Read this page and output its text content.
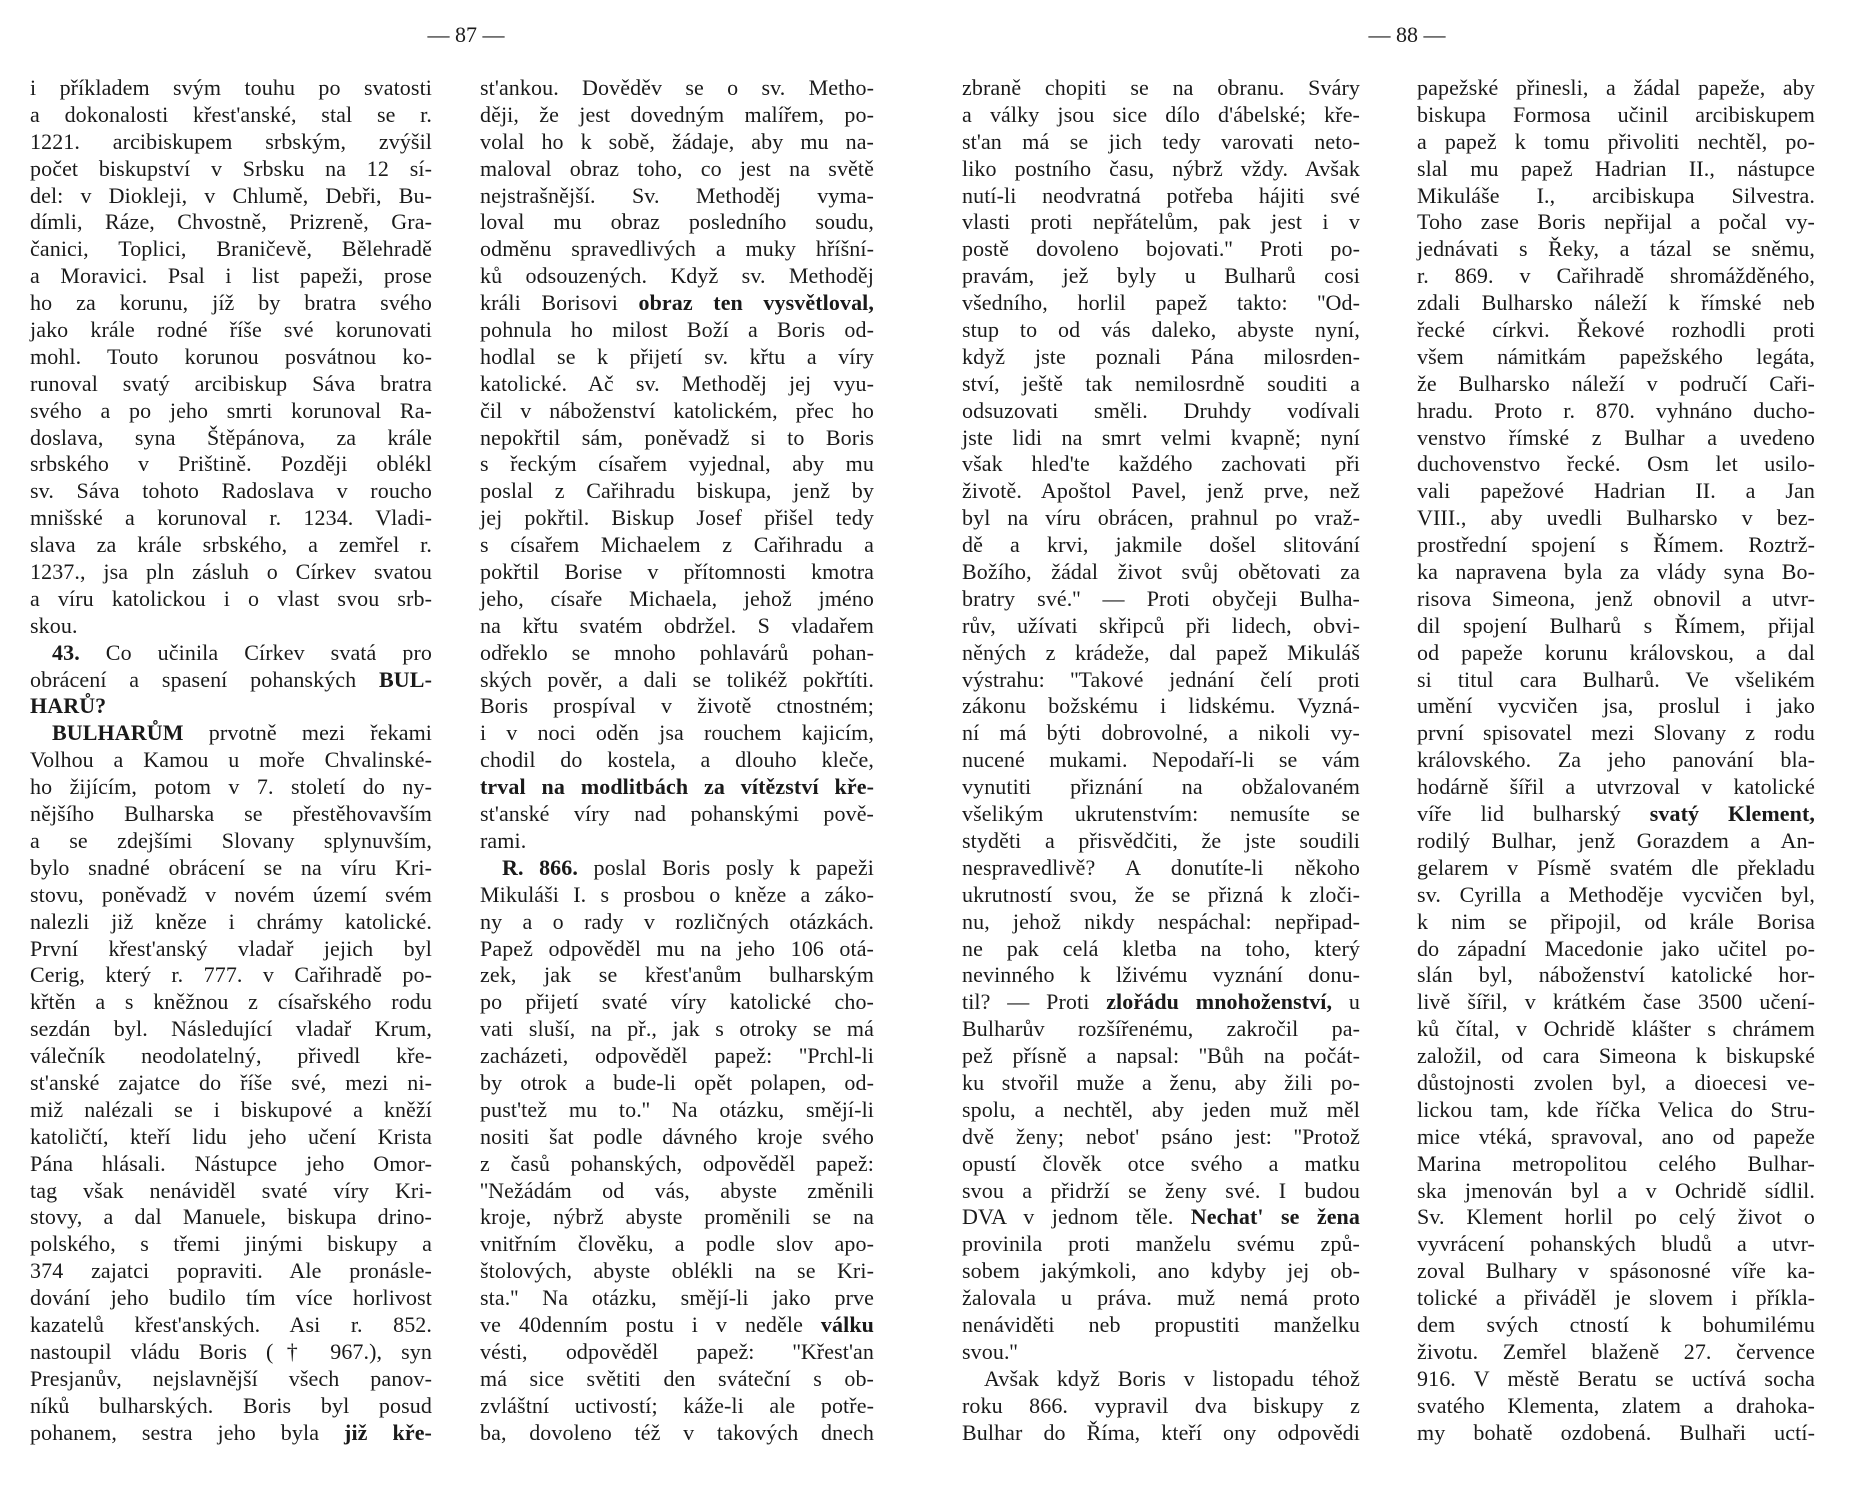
— 87 —	— 88 —
i příkladem svým touhu po svatosti
a dokonalosti křest'anské, stal se r.
1221. arcibiskupem srbským, zvýšil
počet biskupství v Srbsku na 12 sí-
del: v Diokleji, v Chlumě, Debři, Bu-
dímli, Ráze, Chvostně, Prizreně, Gra-
čanici, Toplici, Braničevě, Bělehradě
a Moravici. Psal i list papeži, prose
ho za korunu, jíž by bratra svého
jako krále rodné říše své korunovati
mohl. Touto korunou posvátnou ko-
runoval svatý arcibiskup Sáva bratra
svého a po jeho smrti korunoval Ra-
doslava, syna Štěpánova, za krále
srbského v Prištině. Později oblékl
sv. Sáva tohoto Radoslava v roucho
mnišské a korunoval r. 1234. Vladi-
slava za krále srbského, a zemřel r.
1237., jsa pln zásluh o Církev svatou
a víru katolickou i o vlast svou srb-
skou.
43. Co učinila Církev svatá pro
obrácení a spasení pohanských BUL-
HARŮ?
BULHARŮM prvotně mezi řekami
Volhou a Kamou u moře Chvalinské-
ho žijícím, potom v 7. století do ny-
nějšího Bulharska se přestěhovavším
a se zdejšími Slovany splynuvším,
bylo snadné obrácení se na víru Kri-
stovu, poněvadž v novém území svém
nalezli již kněze i chrámy katolické.
První křest'anský vladař jejich byl
Cerig, který r. 777. v Cařihradě po-
křtěn a s kněžnou z císařského rodu
sezdán byl. Následující vladař Krum,
válečník neodolatelný, přivedl kře-
st'anské zajatce do říše své, mezi ni-
miž nalézali se i biskupové a kněží
katoličtí, kteří lidu jeho učení Krista
Pána hlásali. Nástupce jeho Omor-
tag však nenáviděl svaté víry Kri-
stovy, a dal Manuele, biskupa drino-
polského, s třemi jinými biskupy a
374 zajatci popraviti. Ale pronásle-
dování jeho budilo tím více horlivost
kazatelů křest'anských. Asi r. 852.
nastoupil vládu Boris († 967.), syn
Presjanův, nejslavnější všech panov-
níků bulharských. Boris byl posud
pohanem, sestra jeho byla již kře-
st'ankou. Dověděv se o sv. Metho-
ději, že jest dovedným malířem, po-
volal ho k sobě, žádaje, aby mu na-
maloval obraz toho, co jest na světě
nejstrašnější. Sv. Methoděj vyma-
loval mu obraz posledního soudu,
odměnu spravedlivých a muky hříšní-
ků odsouzených. Když sv. Methoděj
králi Borisovi obraz ten vysvětloval,
pohnula ho milost Boží a Boris od-
hodlal se k přijetí sv. křtu a víry
katolické. Ač sv. Methoděj jej vyu-
čil v náboženství katolickém, přec ho
nepokřtil sám, poněvadž si to Boris
s řeckým císařem vyjednal, aby mu
poslal z Cařihradu biskupa, jenž by
jej pokřtil. Biskup Josef přišel tedy
s císařem Michaelem z Cařihradu a
pokřtil Borise v přítomnosti kmotra
jeho, císaře Michaela, jehož jméno
na křtu svatém obdržel. S vladařem
odřeklo se mnoho pohlavárů pohan-
ských pověr, a dali se tolikéž pokřtíti.
Boris prospíval v životě ctnostném;
i v noci oděn jsa rouchem kajicím,
chodil do kostela, a dlouho kleče,
trval na modlitbách za vítězství kře-
st'anské víry nad pohanskými pově-
rami.
R. 866. poslal Boris posly k papeži
Mikuláši I. s prosbou o kněze a záko-
ny a o rady v rozličných otázkách.
Papež odpověděl mu na jeho 106 otá-
zek, jak se křest'anům bulharským
po přijetí svaté víry katolické cho-
vati sluší, na př., jak s otroky se má
zacházeti, odpověděl papež: ''Prchl-li
by otrok a bude-li opět polapen, od-
pust'tež mu to.'' Na otázku, smějí-li
nositi šat podle dávného kroje svého
z časů pohanských, odpověděl papež:
''Nežádám od vás, abyste změnili
kroje, nýbrž abyste proměnili se na
vnitřním člověku, a podle slov apo-
štolových, abyste oblékli na se Kri-
sta.'' Na otázku, smějí-li jako prve
ve 40denním postu i v neděle válku
vésti, odpověděl papež: ''Křest'an
má sice světiti den sváteční s ob-
zvláštní uctivostí; káže-li ale potře-
ba, dovoleno též v takových dnech
zbraně chopiti se na obranu. Sváry
a války jsou sice dílo d'ábelské; kře-
st'an má se jich tedy varovati neto-
liko postního času, nýbrž vždy. Avšak
nutí-li neodvratná potřeba hájiti své
vlasti proti nepřátelům, pak jest i v
postě dovoleno bojovati.'' Proti po-
pravám, jež byly u Bulharů cosi
všedního, horlil papež takto: ''Od-
stup to od vás daleko, abyste nyní,
když jste poznali Pána milosrden-
ství, ještě tak nemilosrdně souditi a
odsuzovati směli. Druhdy vodívali
jste lidi na smrt velmi kvapně; nyní
však hled'te každého zachovati při
životě. Apoštol Pavel, jenž prve, než
byl na víru obrácen, prahnul po vraž-
dě a krvi, jakmile došel slitování
Božího, žádal život svůj obětovati za
bratry své.'' — Proti obyčeji Bulha-
rův, užívati skřipců při lidech, obvi-
něných z krádeže, dal papež Mikuláš
výstrahu: ''Takové jednání čelí proti
zákonu božskému i lidskému. Vyzná-
ní má býti dobrovolné, a nikoli vy-
nucené mukami. Nepodaří-li se vám
vynutiti přiznání na obžalovaném
všelikým ukrutenstvím: nemusíte se
styděti a přisvědčiti, že jste soudili
nespravedlivě? A donutíte-li někoho
ukrutností svou, že se přizná k zloči-
nu, jehož nikdy nespáchal: nepřipad-
ne pak celá kletba na toho, který
nevinného k lživému vyznání donu-
til? — Proti zlořádu mnohoženství, u
Bulharův rozšířenému, zakročil pa-
pež přísně a napsal: ''Bůh na počát-
ku stvořil muže a ženu, aby žili po-
spolu, a nechtěl, aby jeden muž měl
dvě ženy; nebot' psáno jest: ''Protož
opustí člověk otce svého a matku
svou a přidrží se ženy své. I budou
DVA v jednom těle. Nechat' se žena
provinila proti manželu svému způ-
sobem jakýmkoli, ano kdyby jej ob-
žalovala u práva. muž nemá proto
nenáviděti neb propustiti manželku
svou.''
Avšak když Boris v listopadu téhož
roku 866. vypravil dva biskupy z
Bulhar do Říma, kteří ony odpovědi
papežské přinesli, a žádal papeže, aby
biskupa Formosa učinil arcibiskupem
a papež k tomu přivoliti nechtěl, po-
slal mu papež Hadrian II., nástupce
Mikuláše I., arcibiskupa Silvestra.
Toho zase Boris nepřijal a počal vy-
jednávati s Řeky, a tázal se sněmu,
r. 869. v Cařihradě shromážděného,
zdali Bulharsko náleží k římské neb
řecké církvi. Řekové rozhodli proti
všem námitkám papežského legáta,
že Bulharsko náleží v područí Caři-
hradu. Proto r. 870. vyhnáno ducho-
venstvo římské z Bulhar a uvedeno
duchovenstvo řecké. Osm let usilo-
vali papežové Hadrian II. a Jan
VIII., aby uvedli Bulharsko v bez-
prostřední spojení s Římem. Roztrž-
ka napravena byla za vlády syna Bo-
risova Simeona, jenž obnovil a utvr-
dil spojení Bulharů s Římem, přijal
od papeže korunu královskou, a dal
si titul cara Bulharů. Ve všelikém
umění vycvičen jsa, proslul i jako
první spisovatel mezi Slovany z rodu
královského. Za jeho panování bla-
hodárně šířil a utvrzoval v katolické
víře lid bulharský svatý Klement,
rodilý Bulhar, jenž Gorazdem a An-
gelarem v Písmě svatém dle překladu
sv. Cyrilla a Methoděje vycvičen byl,
k nim se připojil, od krále Borisa
do západní Macedonie jako učitel po-
slán byl, náboženství katolické hor-
livě šířil, v krátkém čase 3500 učení-
ků čítal, v Ochridě klášter s chrámem
založil, od cara Simeona k biskupské
důstojnosti zvolen byl, a dioecesi ve-
lickou tam, kde říčka Velica do Stru-
mice vtéká, spravoval, ano od papeže
Marina metropolitou celého Bulhar-
ska jmenován byl a v Ochridě sídlil.
Sv. Klement horlil po celý život o
vyvrácení pohanských bludů a utvr-
zoval Bulhary v spásonosné víře ka-
tolické a přiváděl je slovem i příkla-
dem svých ctností k bohumilému
životu. Zemřel blaženě 27. července
916. V městě Beratu se uctívá socha
svatého Klementa, zlatem a drahoka-
my bohatě ozdobená. Bulhaři uctí-
